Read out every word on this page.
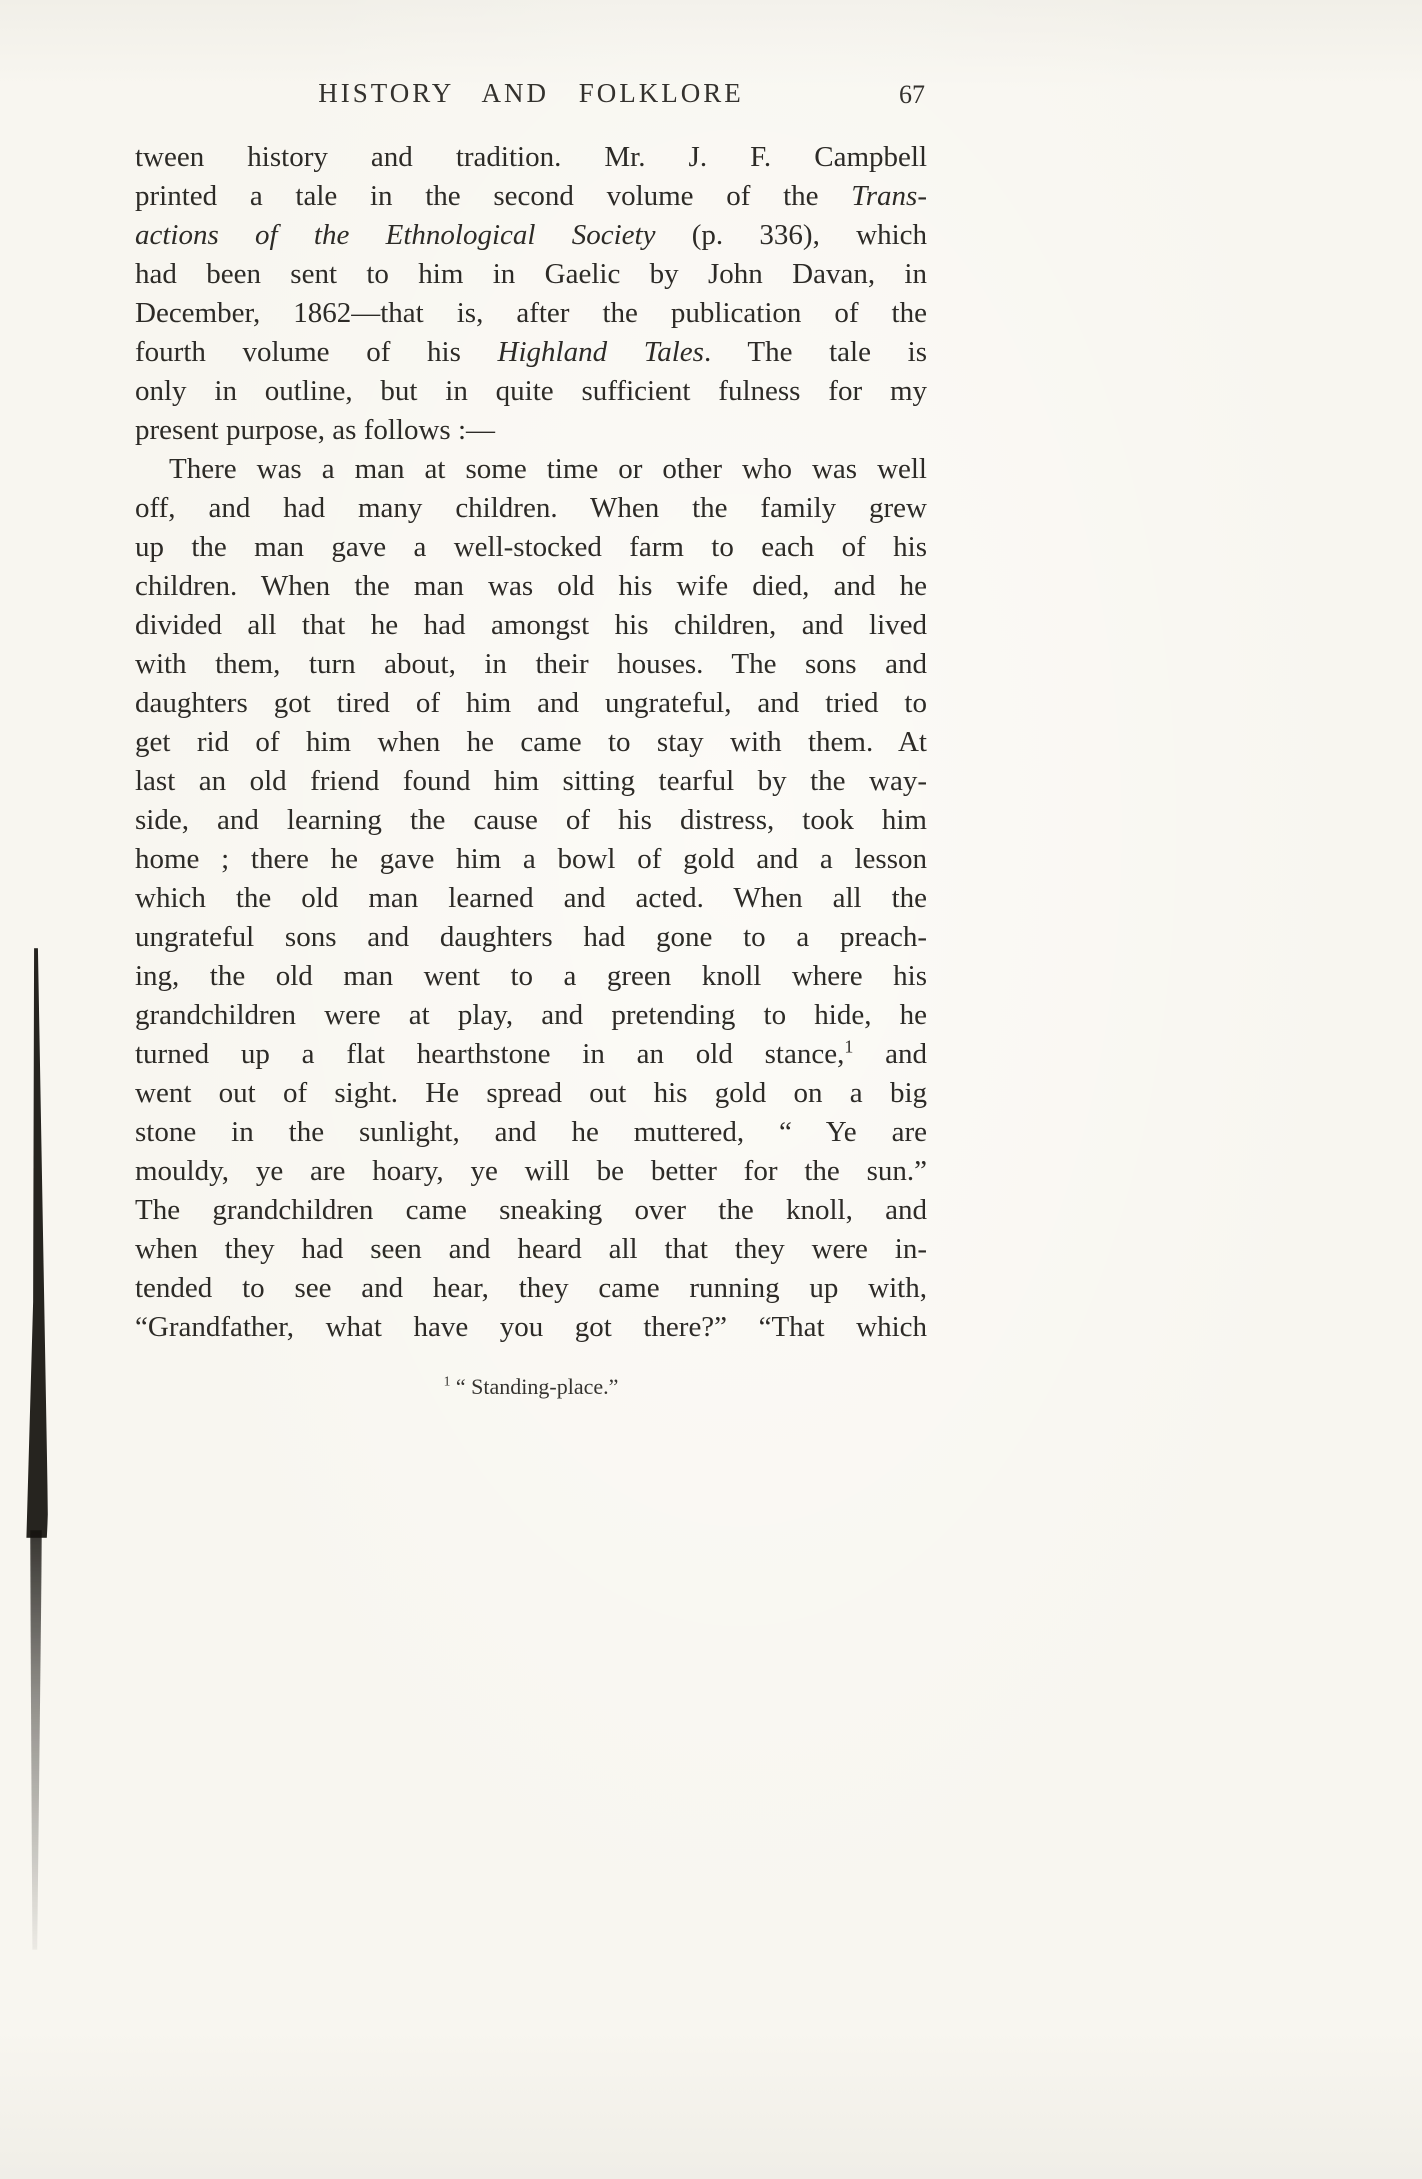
HISTORY AND FOLKLORE	67
tween history and tradition. Mr. J. F. Campbell
printed a tale in the second volume of the Trans-
actions of the Ethnological Society (p. 336), which
had been sent to him in Gaelic by John Davan, in
December, 1862—that is, after the publication of the
fourth volume of his Highland Tales. The tale is
only in outline, but in quite sufficient fulness for my
present purpose, as follows :—
There was a man at some time or other who was well
off, and had many children. When the family grew
up the man gave a well-stocked farm to each of his
children. When the man was old his wife died, and he
divided all that he had amongst his children, and lived
with them, turn about, in their houses. The sons and
daughters got tired of him and ungrateful, and tried to
get rid of him when he came to stay with them. At
last an old friend found him sitting tearful by the way-
side, and learning the cause of his distress, took him
home ; there he gave him a bowl of gold and a lesson
which the old man learned and acted. When all the
ungrateful sons and daughters had gone to a preach-
ing, the old man went to a green knoll where his
grandchildren were at play, and pretending to hide, he
turned up a flat hearthstone in an old stance,$^1$ and
went out of sight. He spread out his gold on a big
stone in the sunlight, and he muttered, “ Ye are
mouldy, ye are hoary, ye will be better for the sun.”
The grandchildren came sneaking over the knoll, and
when they had seen and heard all that they were in-
tended to see and hear, they came running up with,
“Grandfather, what have you got there?” “That which
$^1$ “ Standing-place.”
